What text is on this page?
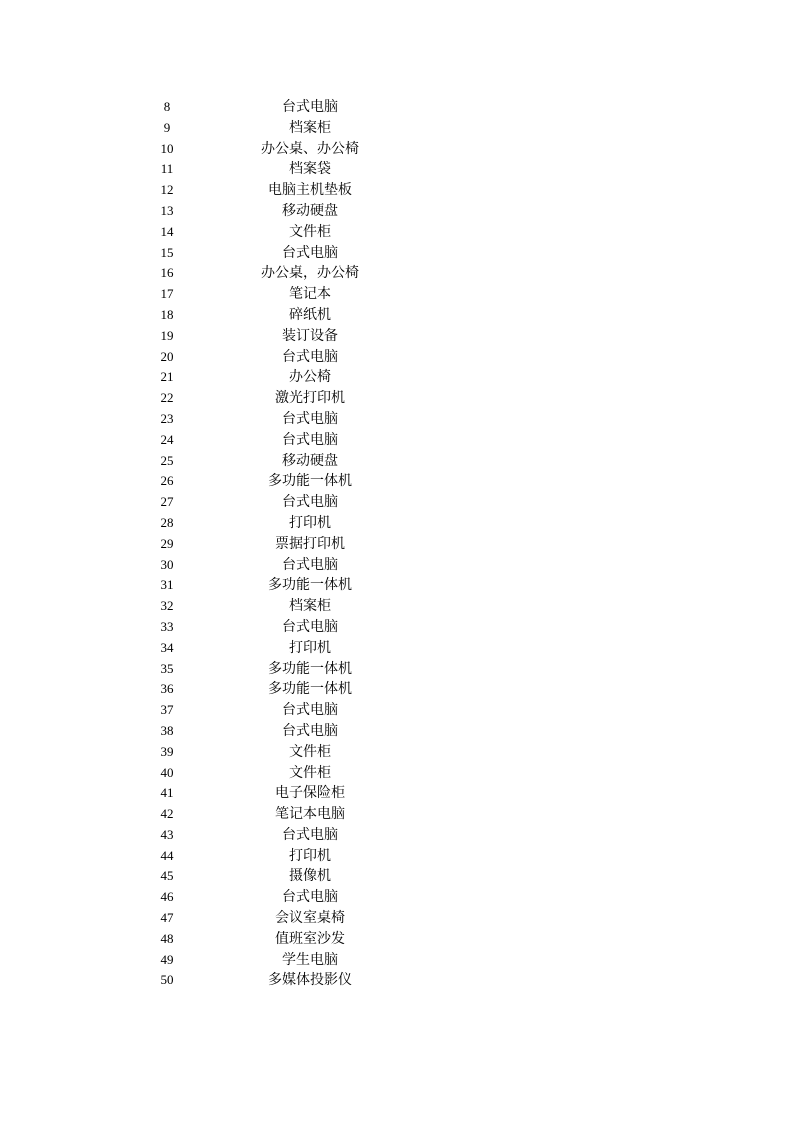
8	台式电脑
9	档案柜
10	办公桌、办公椅
11	档案袋
12	电脑主机垫板
13	移动硬盘
14	文件柜
15	台式电脑
16	办公桌，办公椅
17	笔记本
18	碎纸机
19	装订设备
20	台式电脑
21	办公椅
22	激光打印机
23	台式电脑
24	台式电脑
25	移动硬盘
26	多功能一体机
27	台式电脑
28	打印机
29	票据打印机
30	台式电脑
31	多功能一体机
32	档案柜
33	台式电脑
34	打印机
35	多功能一体机
36	多功能一体机
37	台式电脑
38	台式电脑
39	文件柜
40	文件柜
41	电子保险柜
42	笔记本电脑
43	台式电脑
44	打印机
45	摄像机
46	台式电脑
47	会议室桌椅
48	值班室沙发
49	学生电脑
50	多媒体投影仪
